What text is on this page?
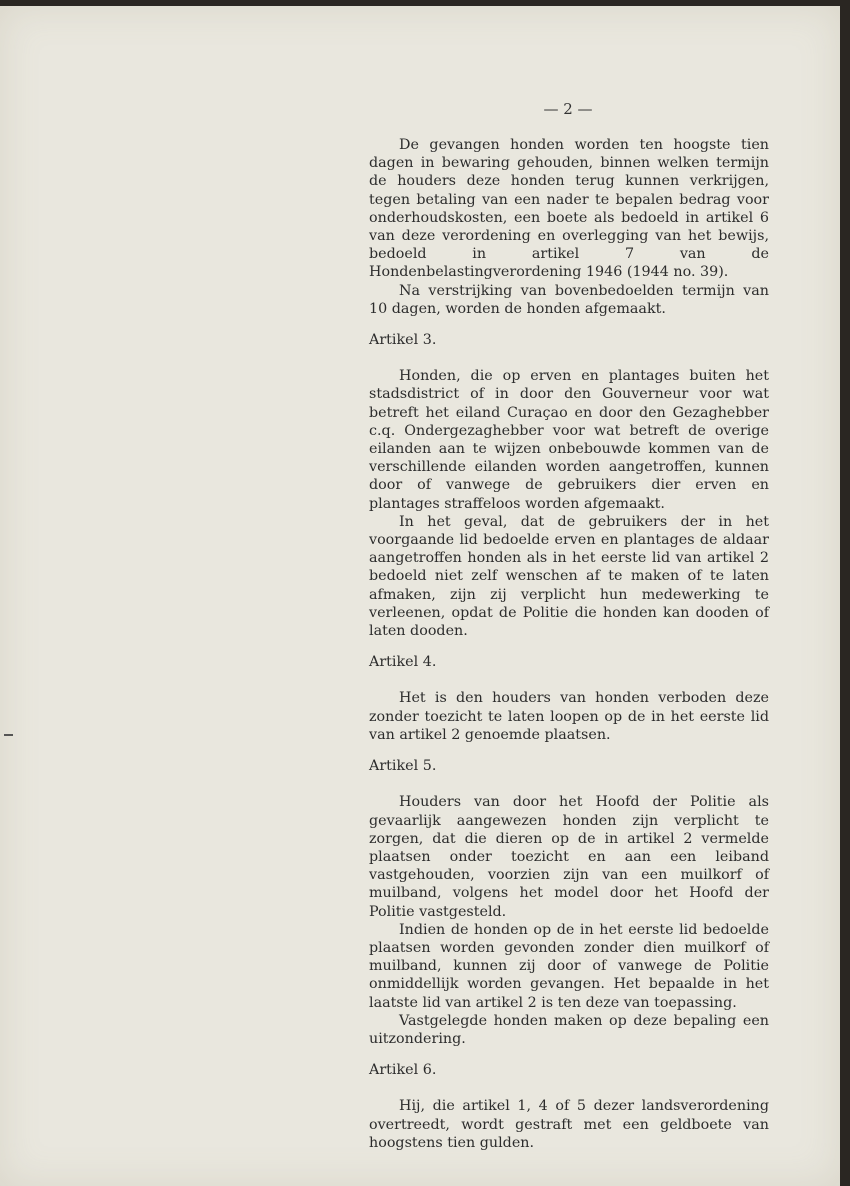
— 2 —

De gevangen honden worden ten hoogste tien dagen in bewaring gehouden, binnen welken termijn de houders deze honden terug kunnen verkrijgen, tegen betaling van een nader te bepalen bedrag voor onderhoudskosten, een boete als bedoeld in artikel 6 van deze verordening en overlegging van het bewijs, bedoeld in artikel 7 van de Hondenbelastingverordening 1946 (1944 no. 39).

Na verstrijking van bovenbedoelden termijn van 10 dagen, worden de honden afgemaakt.

Artikel 3.

Honden, die op erven en plantages buiten het stadsdistrict of in door den Gouverneur voor wat betreft het eiland Curaçao en door den Gezaghebber c.q. Ondergezaghebber voor wat betreft de overige eilanden aan te wijzen onbebouwde kommen van de verschillende eilanden worden aangetroffen, kunnen door of vanwege de gebruikers dier erven en plantages straffeloos worden afgemaakt.

In het geval, dat de gebruikers der in het voorgaande lid bedoelde erven en plantages de aldaar aangetroffen honden als in het eerste lid van artikel 2 bedoeld niet zelf wenschen af te maken of te laten afmaken, zijn zij verplicht hun medewerking te verleenen, opdat de Politie die honden kan dooden of laten dooden.

Artikel 4.

Het is den houders van honden verboden deze zonder toezicht te laten loopen op de in het eerste lid van artikel 2 genoemde plaatsen.

Artikel 5.

Houders van door het Hoofd der Politie als gevaarlijk aangewezen honden zijn verplicht te zorgen, dat die dieren op de in artikel 2 vermelde plaatsen onder toezicht en aan een leiband vastgehouden, voorzien zijn van een muilkorf of muilband, volgens het model door het Hoofd der Politie vastgesteld.

Indien de honden op de in het eerste lid bedoelde plaatsen worden gevonden zonder dien muilkorf of muilband, kunnen zij door of vanwege de Politie onmiddellijk worden gevangen. Het bepaalde in het laatste lid van artikel 2 is ten deze van toepassing.

Vastgelegde honden maken op deze bepaling een uitzondering.

Artikel 6.

Hij, die artikel 1, 4 of 5 dezer landsverordening overtreedt, wordt gestraft met een geldboete van hoogstens tien gulden.
